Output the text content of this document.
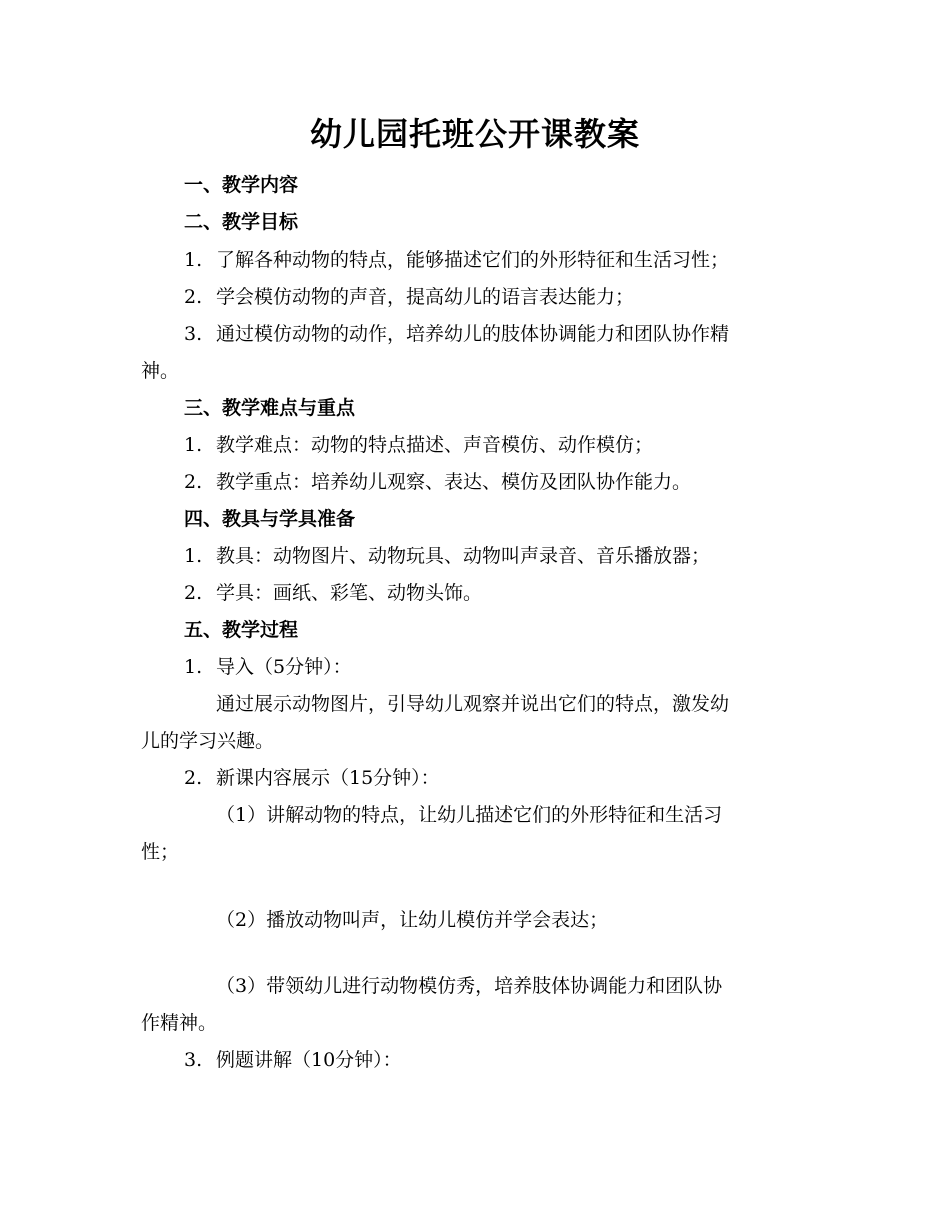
幼儿园托班公开课教案
一、教学内容
二、教学目标
1. 了解各种动物的特点，能够描述它们的外形特征和生活习性；
2. 学会模仿动物的声音，提高幼儿的语言表达能力；
3. 通过模仿动物的动作，培养幼儿的肢体协调能力和团队协作精
神。
三、教学难点与重点
1. 教学难点：动物的特点描述、声音模仿、动作模仿；
2. 教学重点：培养幼儿观察、表达、模仿及团队协作能力。
四、教具与学具准备
1. 教具：动物图片、动物玩具、动物叫声录音、音乐播放器；
2. 学具：画纸、彩笔、动物头饰。
五、教学过程
1. 导入（5分钟）：
通过展示动物图片，引导幼儿观察并说出它们的特点，激发幼
儿的学习兴趣。
2. 新课内容展示（15分钟）：
（1）讲解动物的特点，让幼儿描述它们的外形特征和生活习
性；
（2）播放动物叫声，让幼儿模仿并学会表达；
（3）带领幼儿进行动物模仿秀，培养肢体协调能力和团队协
作精神。
3. 例题讲解（10分钟）：
